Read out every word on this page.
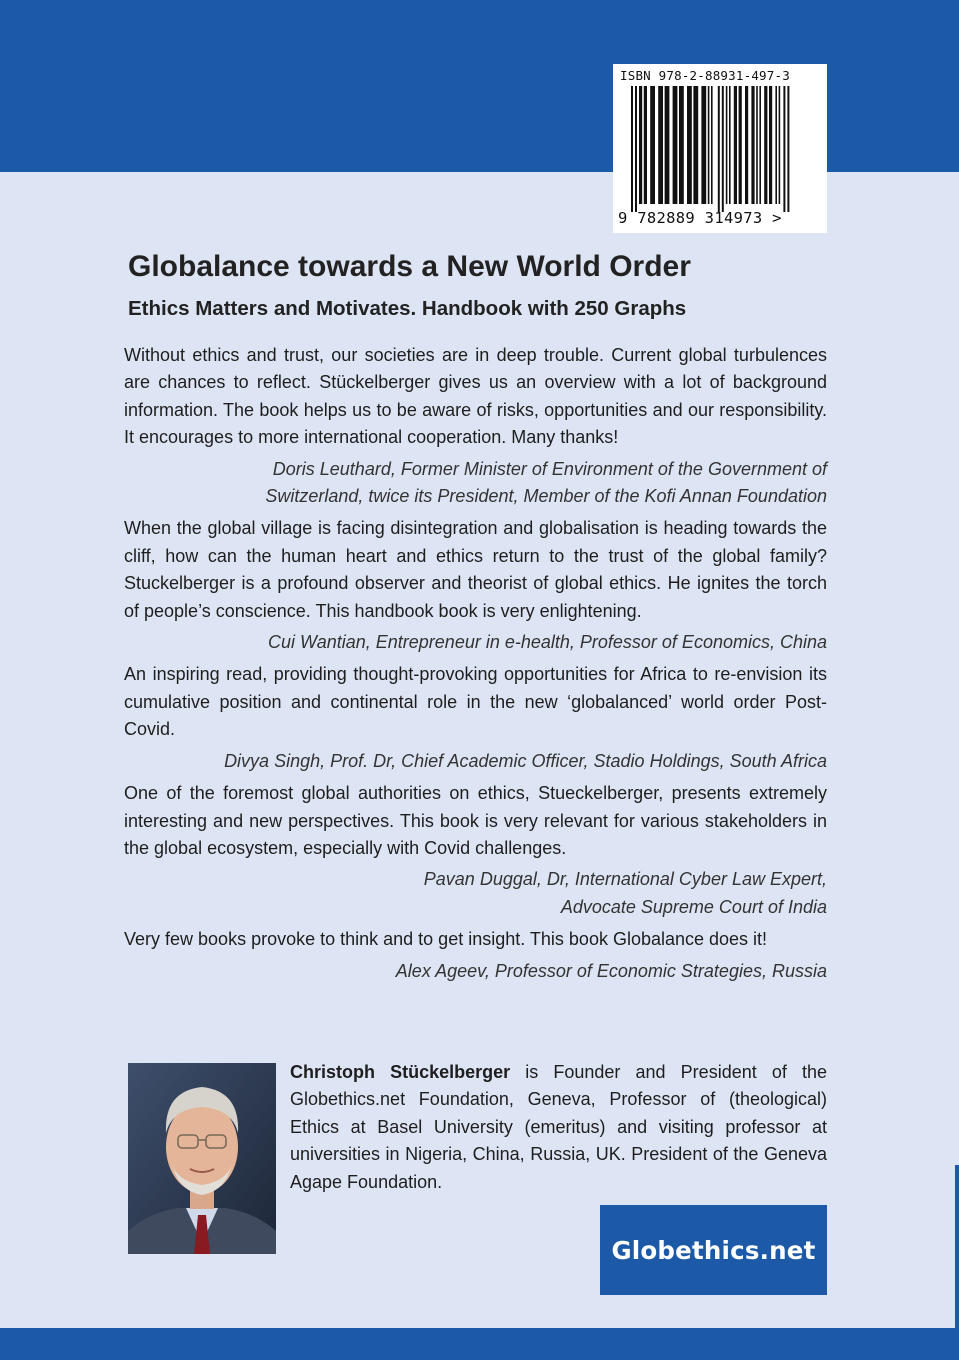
ISBN 978-2-88931-497-3
9 782889 314973 >
Globalance towards a New World Order
Ethics Matters and Motivates. Handbook with 250 Graphs

Without ethics and trust, our societies are in deep trouble. Current global turbulences are chances to reflect. Stückelberger gives us an overview with a lot of background information. The book helps us to be aware of risks, opportunities and our responsibility. It encourages to more international cooperation. Many thanks!

Doris Leuthard, Former Minister of Environment of the Government of
Switzerland, twice its President, Member of the Kofi Annan Foundation

When the global village is facing disintegration and globalisation is heading towards the cliff, how can the human heart and ethics return to the trust of the global family? Stuckelberger is a profound observer and theorist of global ethics. He ignites the torch of people’s conscience. This handbook book is very enlightening.

Cui Wantian, Entrepreneur in e-health, Professor of Economics, China

An inspiring read, providing thought-provoking opportunities for Africa to re-envision its cumulative position and continental role in the new ‘globalanced’ world order Post-Covid.

Divya Singh, Prof. Dr, Chief Academic Officer, Stadio Holdings, South Africa

One of the foremost global authorities on ethics, Stueckelberger, presents extremely interesting and new perspectives. This book is very relevant for various stakeholders in the global ecosystem, especially with Covid challenges.

Pavan Duggal, Dr, International Cyber Law Expert,
Advocate Supreme Court of India

Very few books provoke to think and to get insight. This book Globalance does it!

Alex Ageev, Professor of Economic Strategies, Russia

Christoph Stückelberger is Founder and President of the Globethics.net Foundation, Geneva, Professor of (theological) Ethics at Basel University (emeritus) and visiting professor at universities in Nigeria, China, Russia, UK. President of the Geneva Agape Foundation.
Globethics.net
